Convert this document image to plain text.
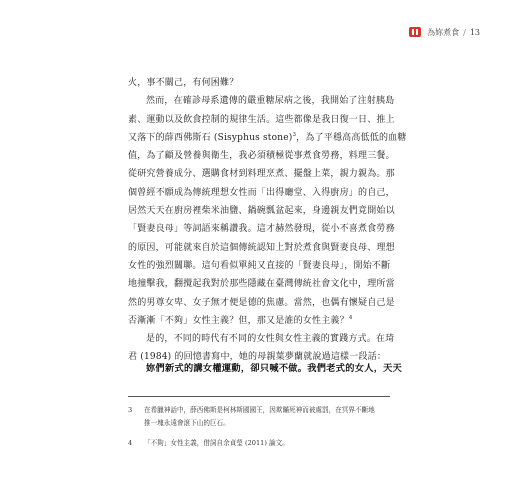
為妳煮食 / 13
火，事不關己，有何困難？
然而，在確診母系遺傳的嚴重糖尿病之後，我開始了注射胰島
素、運動以及飲食控制的規律生活。這些都像是我日復一日、推上
又落下的薛西佛斯石 (Sisyphus stone)$^3$，為了平穩高高低低的血糖
值，為了顧及營養與衛生，我必須積極從事煮食勞務，料理三餐。
從研究營養成分、選購食材到料理烹煮、擺盤上菜，親力親為。那
個曾經不願成為傳統理想女性而「出得廳堂、入得廚房」的自己，
居然天天在廚房裡柴米油鹽、鍋碗瓢盆起來，身邊親友們竟開始以
「賢妻良母」等詞語來稱讚我。這才赫然發現，從小不喜煮食勞務
的原因，可能就來自於這個傳統認知上對於煮食與賢妻良母、理想
女性的強烈關聯。這句看似單純又直接的「賢妻良母」，開始不斷
地撞擊我，翻攪起我對於那些隱藏在臺灣傳統社會文化中，理所當
然的男尊女卑、女子無才便是德的焦慮。當然，也偶有懷疑自己是
否漸漸「不夠」女性主義？但，那又是誰的女性主義？$^4$
是的，不同的時代有不同的女性與女性主義的實踐方式。在琦
君 (1984) 的回憶書寫中，她的母親葉夢蘭就說過這樣一段話：
妳們新式的講女權運動，卻只喊不做。我們老式的女人，天天
3	在希臘神話中，薛西佛斯是柯林斯國國王，因欺瞞死神而被處罰，在冥界不斷地
推一塊永遠會滾下山的巨石。
4	「不夠」女性主義，借詞自余貞瑩 (2011) 論文。
